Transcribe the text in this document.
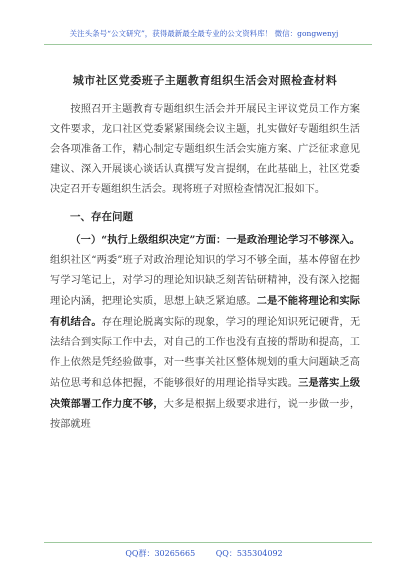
关注头条号“公文研究”，获得最新最全最专业的公文资料库！ 微信：gongwenyj
城市社区党委班子主题教育组织生活会对照检查材料

按照召开主题教育专题组织生活会并开展民主评议党员工作方案文件要求，龙口社区党委紧紧围绕会议主题，扎实做好专题组织生活会各项准备工作，精心制定专题组织生活会实施方案、广泛征求意见建议、深入开展谈心谈话认真撰写发言提纲，在此基础上，社区党委决定召开专题组织生活会。现将班子对照检查情况汇报如下。

一、存在问题

（一）“执行上级组织决定”方面：一是政治理论学习不够深入。组织社区“两委”班子对政治理论知识的学习不够全面，基本停留在抄写学习笔记上，对学习的理论知识缺乏刻苦钻研精神，没有深入挖掘理论内涵，把理论实质，思想上缺乏紧迫感。二是不能将理论和实际有机结合。存在理论脱离实际的现象，学习的理论知识死记硬背，无法结合到实际工作中去，对自己的工作也没有直接的帮助和提高，工作上依然是凭经验做事，对一些事关社区整体规划的重大问题缺乏高站位思考和总体把握，不能够很好的用理论指导实践。三是落实上级决策部署工作力度不够，大多是根据上级要求进行，说一步做一步，按部就班

QQ群：30265665	QQ：535304092
